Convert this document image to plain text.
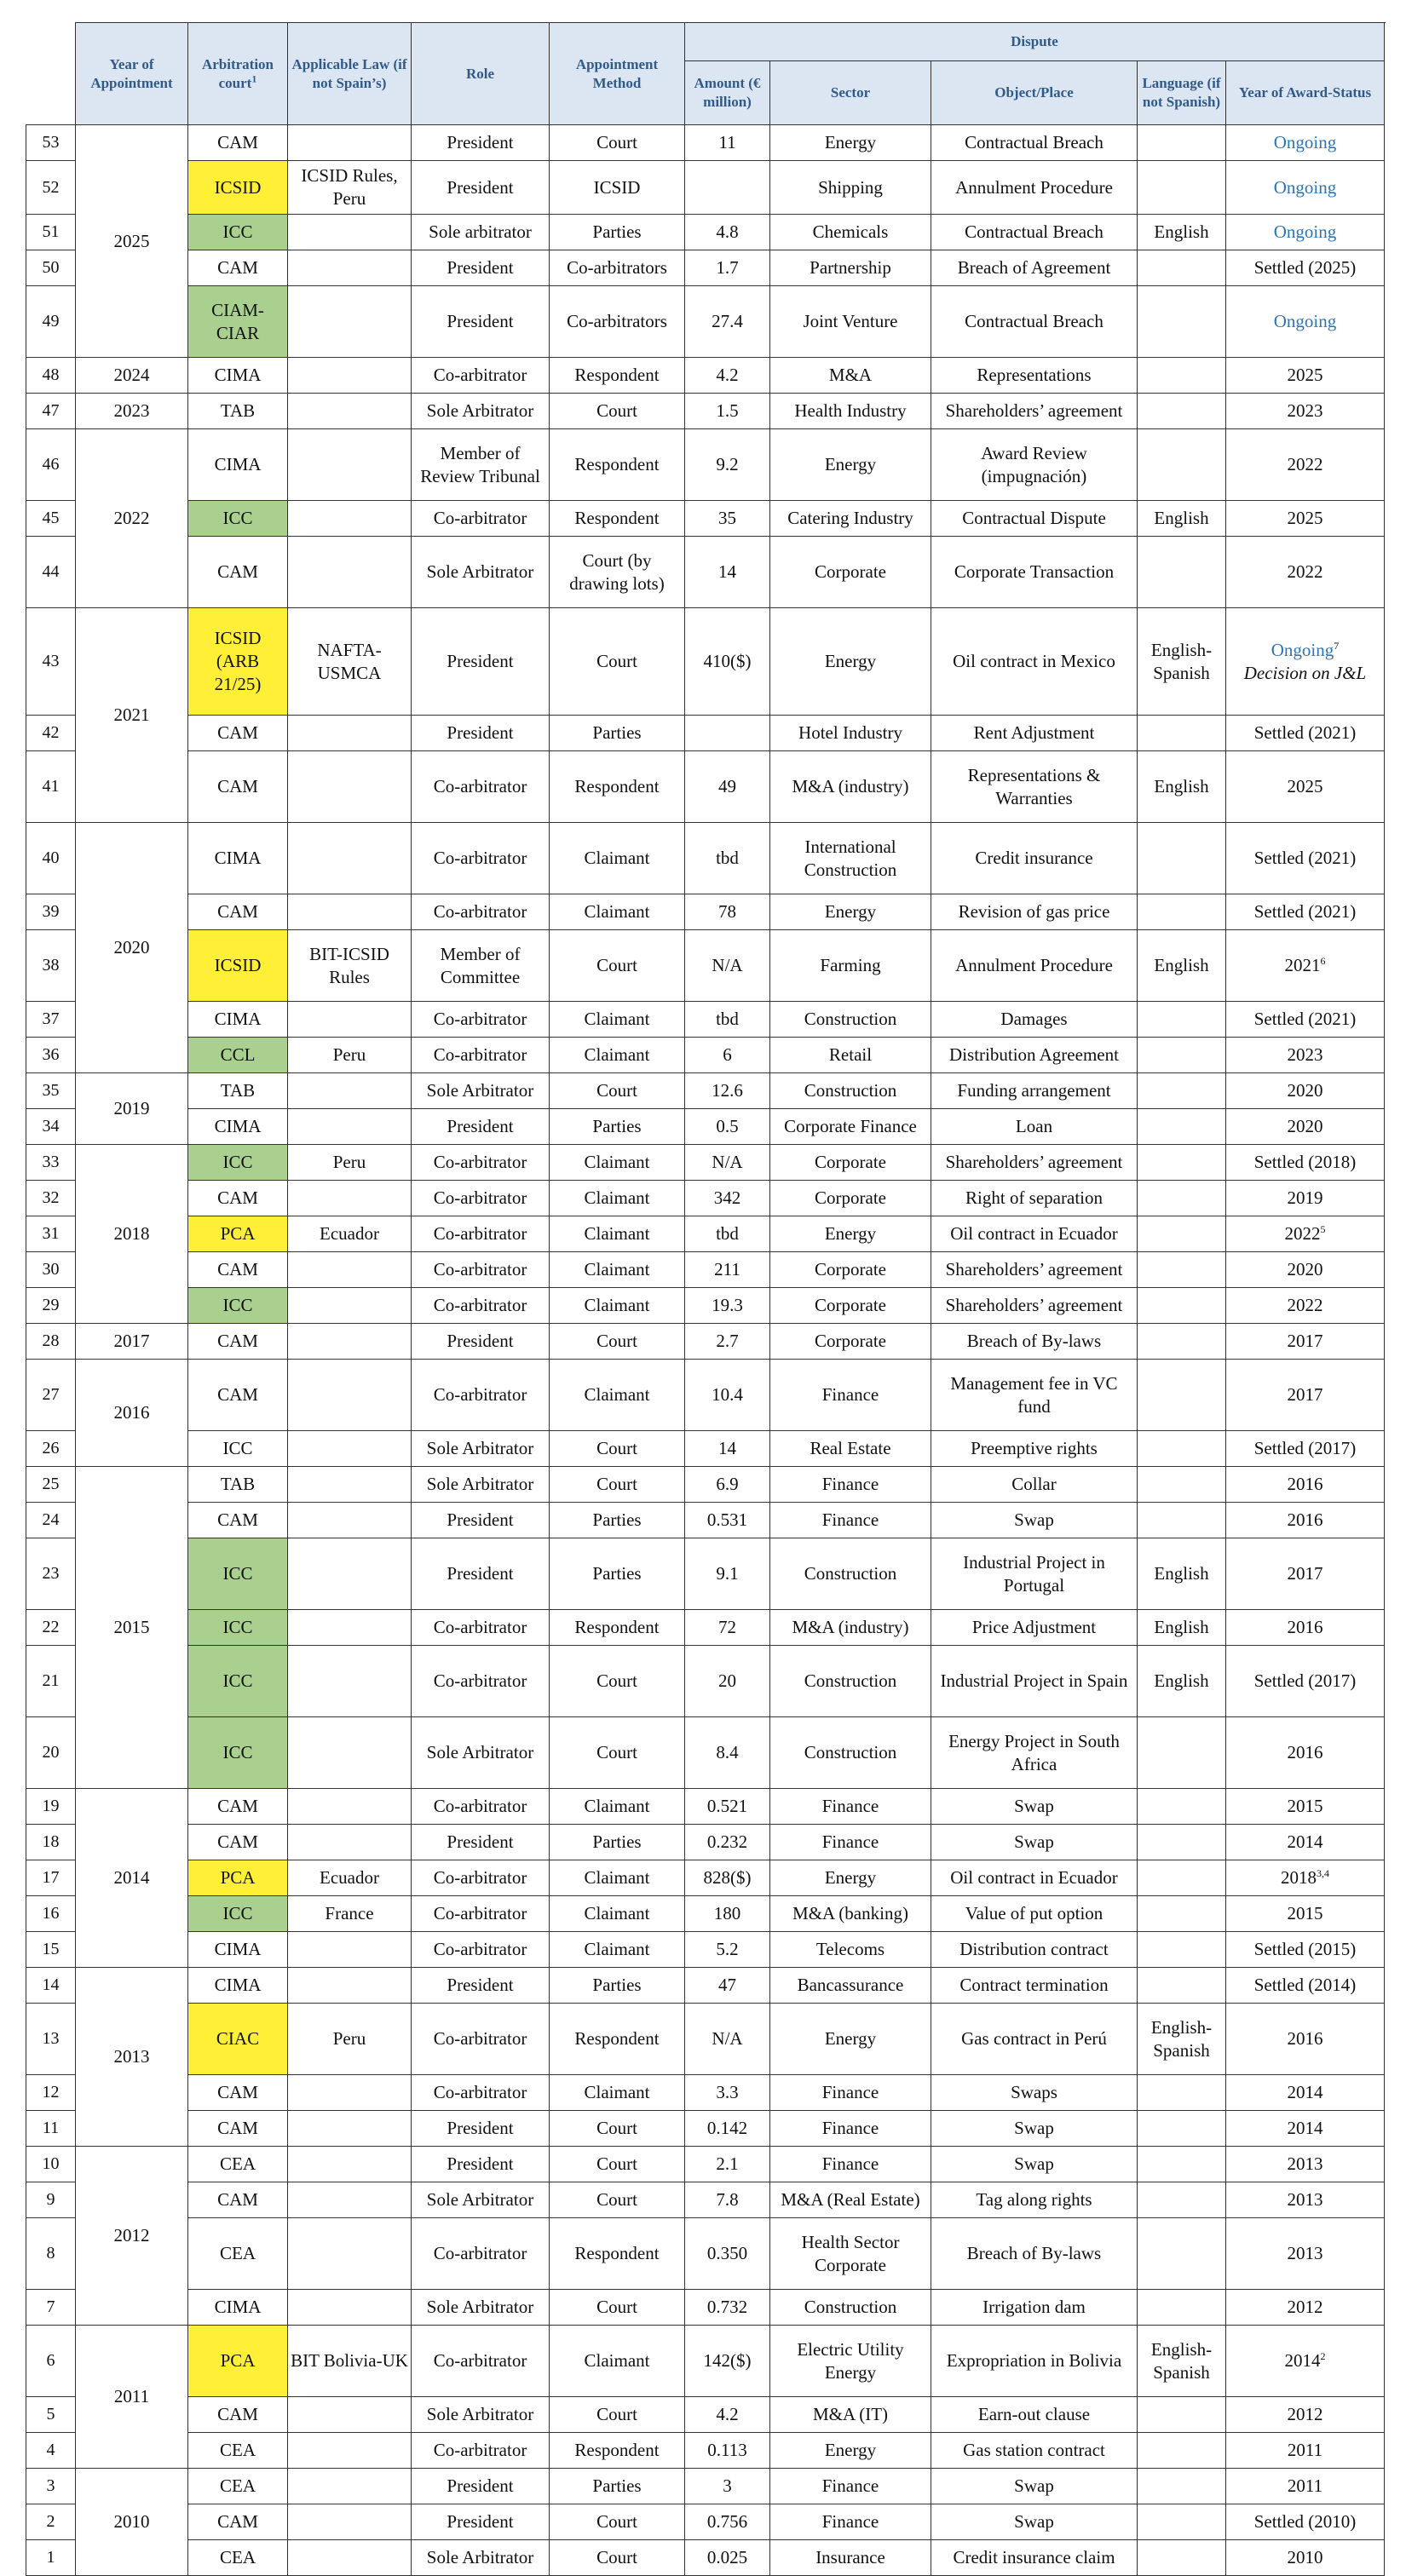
	Year of Appointment	Arbitration court$^1$	Applicable Law (if not Spain’s)	Role	Appointment Method	Dispute				
						Amount (€ million)	Sector	Object/Place	Language (if not Spanish)	Year of Award-Status
53	2025	CAM		President	Court	11	Energy	Contractual Breach		Ongoing
52		ICSID	ICSID Rules, Peru	President	ICSID		Shipping	Annulment Procedure		Ongoing
51		ICC		Sole arbitrator	Parties	4.8	Chemicals	Contractual Breach	English	Ongoing
50		CAM		President	Co-arbitrators	1.7	Partnership	Breach of Agreement		Settled (2025)
49		CIAM-CIAR		President	Co-arbitrators	27.4	Joint Venture	Contractual Breach		Ongoing
48	2024	CIMA		Co-arbitrator	Respondent	4.2	M&A	Representations		2025
47	2023	TAB		Sole Arbitrator	Court	1.5	Health Industry	Shareholders’ agreement		2023
46	2022	CIMA		Member of Review Tribunal	Respondent	9.2	Energy	Award Review (impugnación)		2022
45		ICC		Co-arbitrator	Respondent	35	Catering Industry	Contractual Dispute	English	2025
44		CAM		Sole Arbitrator	Court (by drawing lots)	14	Corporate	Corporate Transaction		2022
43	2021	ICSID (ARB 21/25)	NAFTA-USMCA	President	Court	410($)	Energy	Oil contract in Mexico	English-Spanish	Ongoing$^7$
Decision on J&L
42		CAM		President	Parties		Hotel Industry	Rent Adjustment		Settled (2021)
41		CAM		Co-arbitrator	Respondent	49	M&A (industry)	Representations & Warranties	English	2025
40	2020	CIMA		Co-arbitrator	Claimant	tbd	International Construction	Credit insurance		Settled (2021)
39		CAM		Co-arbitrator	Claimant	78	Energy	Revision of gas price		Settled (2021)
38		ICSID	BIT-ICSID Rules	Member of Committee	Court	N/A	Farming	Annulment Procedure	English	2021$^6$
37		CIMA		Co-arbitrator	Claimant	tbd	Construction	Damages		Settled (2021)
36		CCL	Peru	Co-arbitrator	Claimant	6	Retail	Distribution Agreement		2023
35	2019	TAB		Sole Arbitrator	Court	12.6	Construction	Funding arrangement		2020
34		CIMA		President	Parties	0.5	Corporate Finance	Loan		2020
33	2018	ICC	Peru	Co-arbitrator	Claimant	N/A	Corporate	Shareholders’ agreement		Settled (2018)
32		CAM		Co-arbitrator	Claimant	342	Corporate	Right of separation		2019
31		PCA	Ecuador	Co-arbitrator	Claimant	tbd	Energy	Oil contract in Ecuador		2022$^5$
30		CAM		Co-arbitrator	Claimant	211	Corporate	Shareholders’ agreement		2020
29		ICC		Co-arbitrator	Claimant	19.3	Corporate	Shareholders’ agreement		2022
28	2017	CAM		President	Court	2.7	Corporate	Breach of By-laws		2017
27	2016	CAM		Co-arbitrator	Claimant	10.4	Finance	Management fee in VC fund		2017
26		ICC		Sole Arbitrator	Court	14	Real Estate	Preemptive rights		Settled (2017)
25	2015	TAB		Sole Arbitrator	Court	6.9	Finance	Collar		2016
24		CAM		President	Parties	0.531	Finance	Swap		2016
23		ICC		President	Parties	9.1	Construction	Industrial Project in Portugal	English	2017
22		ICC		Co-arbitrator	Respondent	72	M&A (industry)	Price Adjustment	English	2016
21		ICC		Co-arbitrator	Court	20	Construction	Industrial Project in Spain	English	Settled (2017)
20		ICC		Sole Arbitrator	Court	8.4	Construction	Energy Project in South Africa		2016
19	2014	CAM		Co-arbitrator	Claimant	0.521	Finance	Swap		2015
18		CAM		President	Parties	0.232	Finance	Swap		2014
17		PCA	Ecuador	Co-arbitrator	Claimant	828($)	Energy	Oil contract in Ecuador		2018$^{3,4}$
16		ICC	France	Co-arbitrator	Claimant	180	M&A (banking)	Value of put option		2015
15		CIMA		Co-arbitrator	Claimant	5.2	Telecoms	Distribution contract		Settled (2015)
14	2013	CIMA		President	Parties	47	Bancassurance	Contract termination		Settled (2014)
13		CIAC	Peru	Co-arbitrator	Respondent	N/A	Energy	Gas contract in Perú	English-Spanish	2016
12		CAM		Co-arbitrator	Claimant	3.3	Finance	Swaps		2014
11		CAM		President	Court	0.142	Finance	Swap		2014
10	2012	CEA		President	Court	2.1	Finance	Swap		2013
9		CAM		Sole Arbitrator	Court	7.8	M&A (Real Estate)	Tag along rights		2013
8		CEA		Co-arbitrator	Respondent	0.350	Health Sector Corporate	Breach of By-laws		2013
7		CIMA		Sole Arbitrator	Court	0.732	Construction	Irrigation dam		2012
6	2011	PCA	BIT Bolivia-UK	Co-arbitrator	Claimant	142($)	Electric Utility Energy	Expropriation in Bolivia	English-Spanish	2014$^2$
5		CAM		Sole Arbitrator	Court	4.2	M&A (IT)	Earn-out clause		2012
4		CEA		Co-arbitrator	Respondent	0.113	Energy	Gas station contract		2011
3	2010	CEA		President	Parties	3	Finance	Swap		2011
2		CAM		President	Court	0.756	Finance	Swap		Settled (2010)
1		CEA		Sole Arbitrator	Court	0.025	Insurance	Credit insurance claim		2010
